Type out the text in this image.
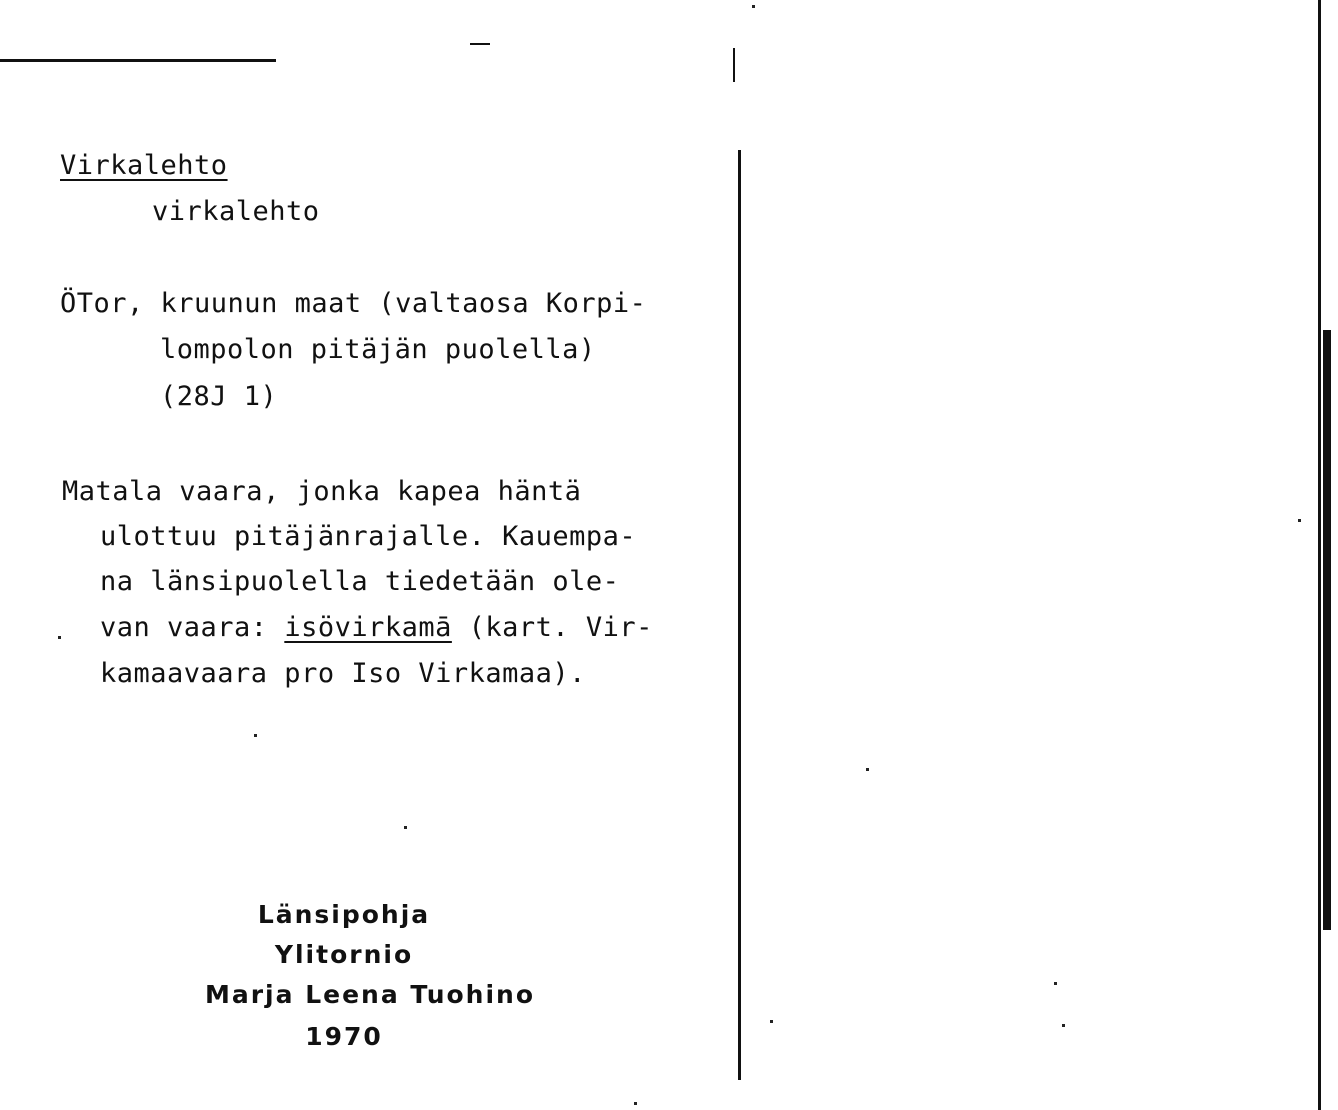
Virkalehto
virkalehto
ÖTor, kruunun maat (valtaosa Korpi-
lompolon pitäjän puolella)
(28J 1)
Matala vaara, jonka kapea häntä
ulottuu pitäjänrajalle. Kauempa-
na länsipuolella tiedetään ole-
van vaara: isövirkamā (kart. Vir-
kamaavaara pro Iso Virkamaa).
Länsipohja
Ylitornio
Marja Leena Tuohino
1970
